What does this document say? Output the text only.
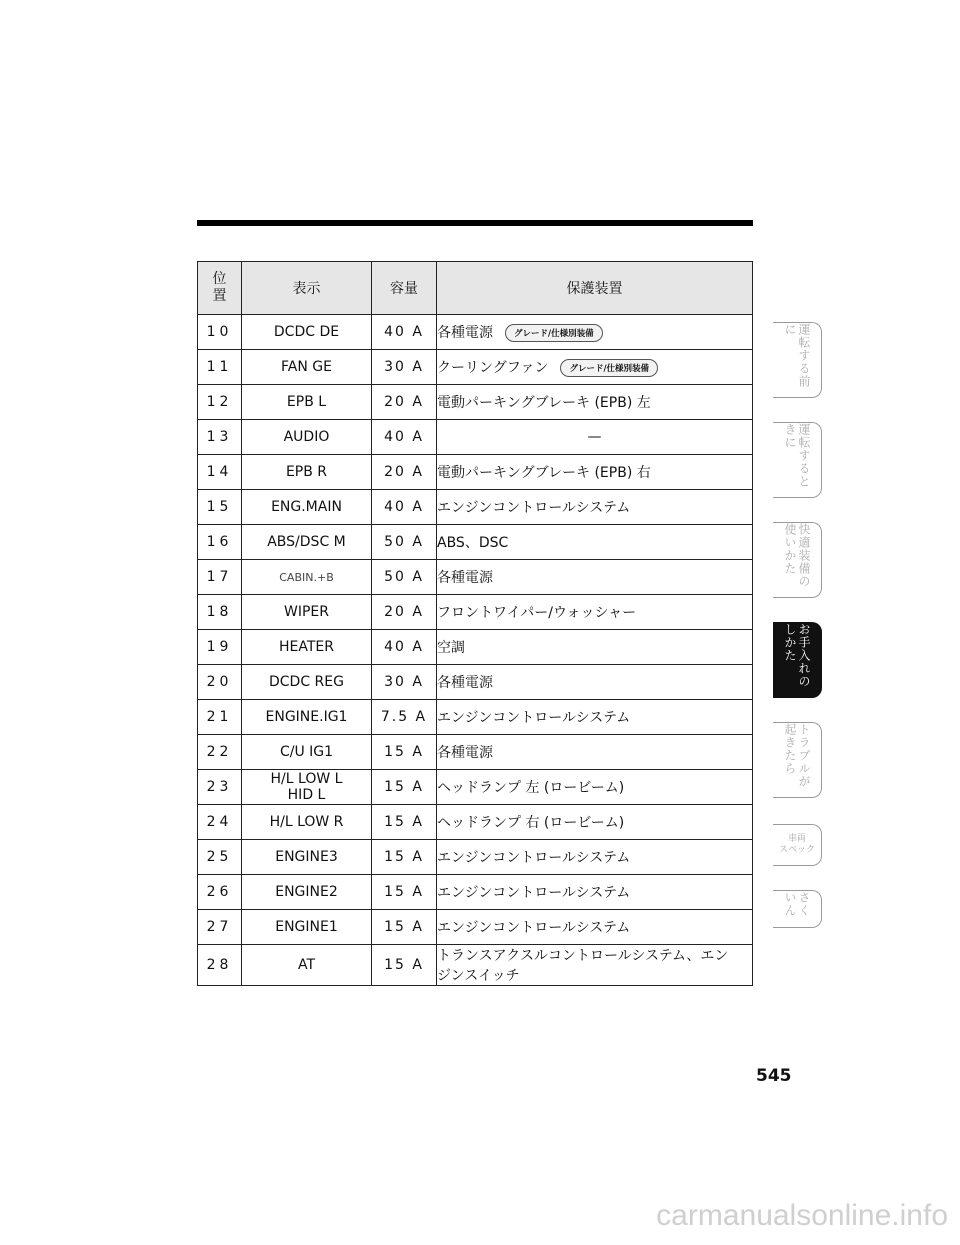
位
置	表示	容量	保護装置
10	DCDC DE	40 A	各種電源 グレード/仕様別装備
11	FAN GE	30 A	クーリングファン グレード/仕様別装備
12	EPB L	20 A	電動パーキングブレーキ (EPB) 左
13	AUDIO	40 A	—

14	EPB R	20 A	電動パーキングブレーキ (EPB) 右
15	ENG.MAIN	40 A	エンジンコントロールシステム
16	ABS/DSC M	50 A	ABS、DSC
17	CABIN.+B	50 A	各種電源
18	WIPER	20 A	フロントワイパー/ウォッシャー
19	HEATER	40 A	空調
20	DCDC REG	30 A	各種電源
21	ENGINE.IG1	7.5 A	エンジンコントロールシステム
22	C/U IG1	15 A	各種電源
23	H/L LOW L
HID L	15 A	ヘッドランプ 左 (ロービーム)
24	H/L LOW R	15 A	ヘッドランプ 右 (ロービーム)
25	ENGINE3	15 A	エンジンコントロールシステム
26	ENGINE2	15 A	エンジンコントロールシステム
27	ENGINE1	15 A	エンジンコントロールシステム
28	AT	15 A	トランスアクスルコントロールシステム、エン
ジンスイッチ
運転する前に
運転するときに
快適装備の使いかた
お手入れのしかた
トラブルが起きたら
車両
スペック
さくいん
545
carmanualsonline.info
